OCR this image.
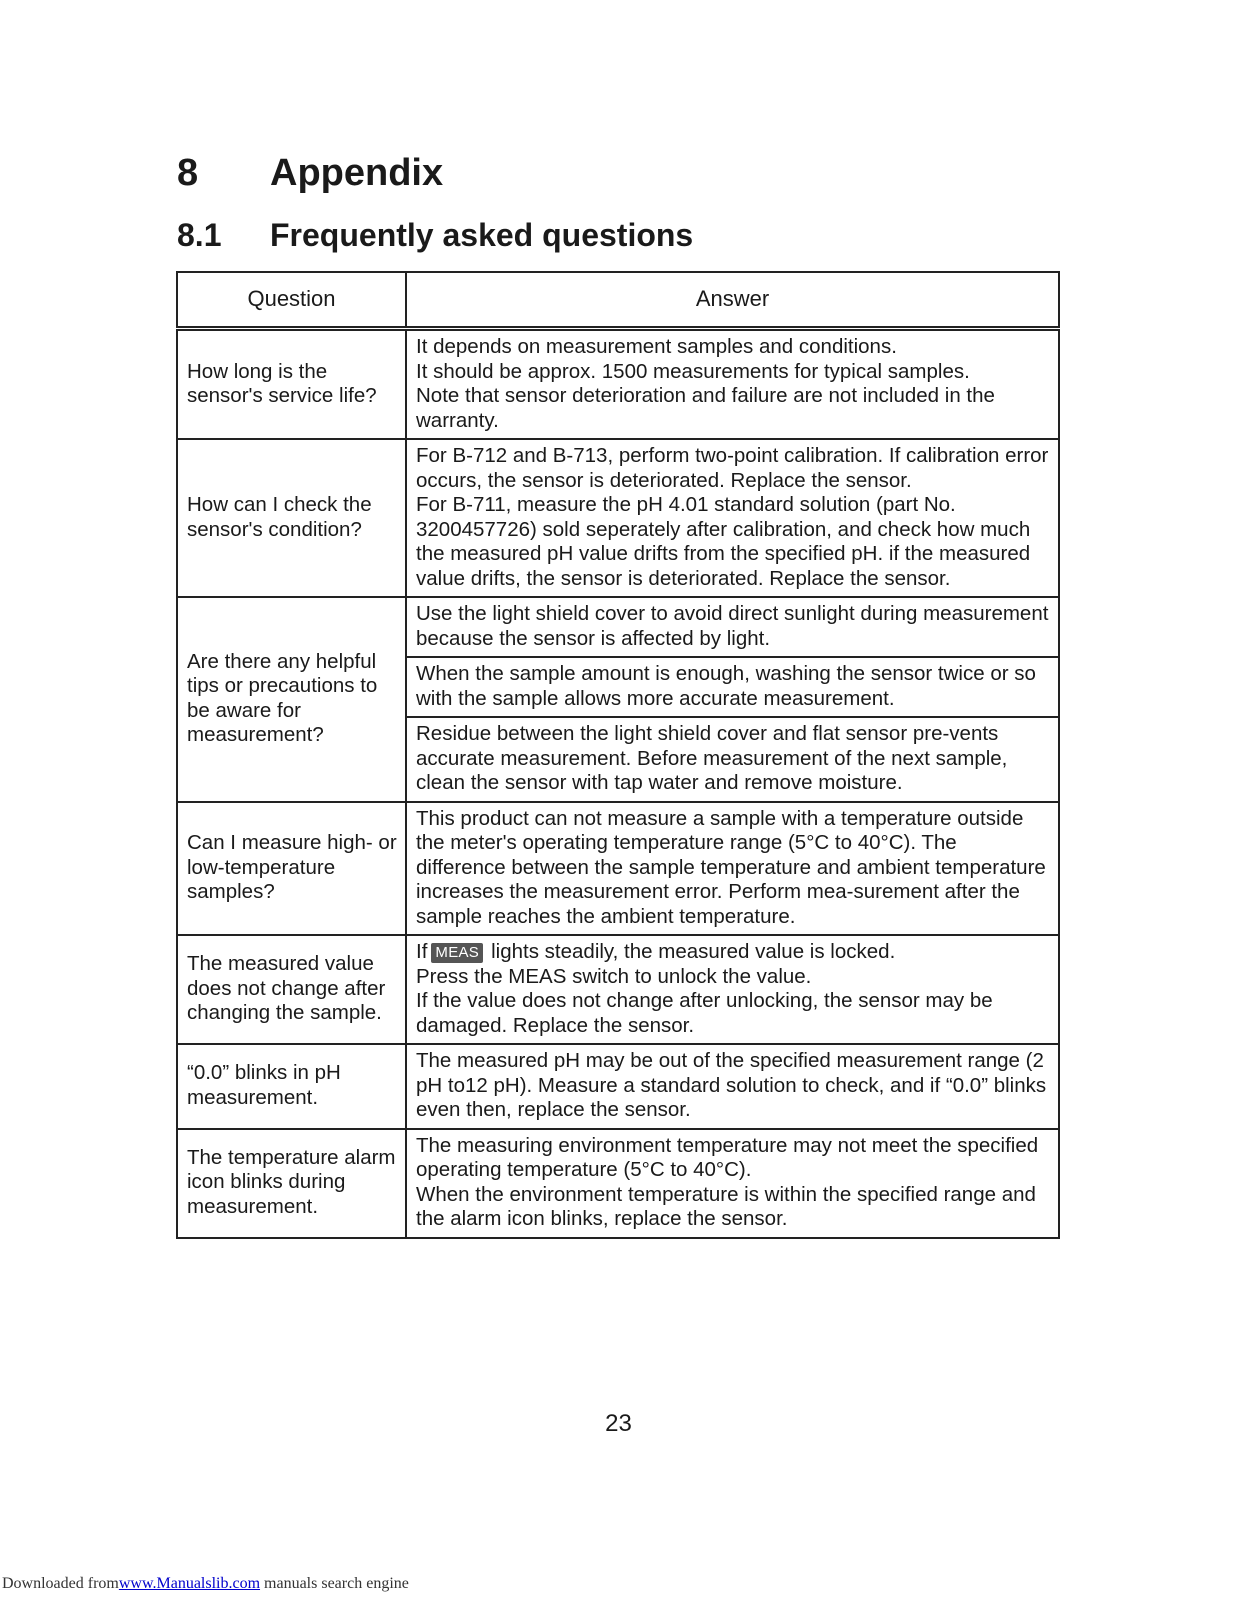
8 Appendix
8.1 Frequently asked questions
Question	Answer
How long is the sensor's service life?	It depends on measurement samples and conditions.
It should be approx. 1500 measurements for typical samples.
Note that sensor deterioration and failure are not included in the warranty.

How can I check the sensor's condition?	For B-712 and B-713, perform two-point calibration. If calibration error occurs, the sensor is deteriorated. Replace the sensor.
For B-711, measure the pH 4.01 standard solution (part No. 3200457726) sold seperately after calibration, and check how much the measured pH value drifts from the specified pH. if the measured value drifts, the sensor is deteriorated. Replace the sensor.

Are there any helpful tips or precautions to be aware for measurement?	Use the light shield cover to avoid direct sunlight during measurement because the sensor is affected by light.
	When the sample amount is enough, washing the sensor twice or so with the sample allows more accurate measurement.
	Residue between the light shield cover and flat sensor pre-vents accurate measurement. Before measurement of the next sample, clean the sensor with tap water and remove moisture.
Can I measure high- or low-temperature samples?	This product can not measure a sample with a temperature outside the meter's operating temperature range (5°C to 40°C). The difference between the sample temperature and ambient temperature increases the measurement error. Perform mea-surement after the sample reaches the ambient temperature.
The measured value does not change after changing the sample.	If MEAS lights steadily, the measured value is locked.
Press the MEAS switch to unlock the value.
If the value does not change after unlocking, the sensor may be damaged. Replace the sensor.

“0.0” blinks in pH measurement.	The measured pH may be out of the specified measurement range (2 pH to12 pH). Measure a standard solution to check, and if “0.0” blinks even then, replace the sensor.
The temperature alarm icon blinks during measurement.	The measuring environment temperature may not meet the specified operating temperature (5°C to 40°C).
When the environment temperature is within the specified range and the alarm icon blinks, replace the sensor.
23
Downloaded fromwww.Manualslib.com manuals search engine
